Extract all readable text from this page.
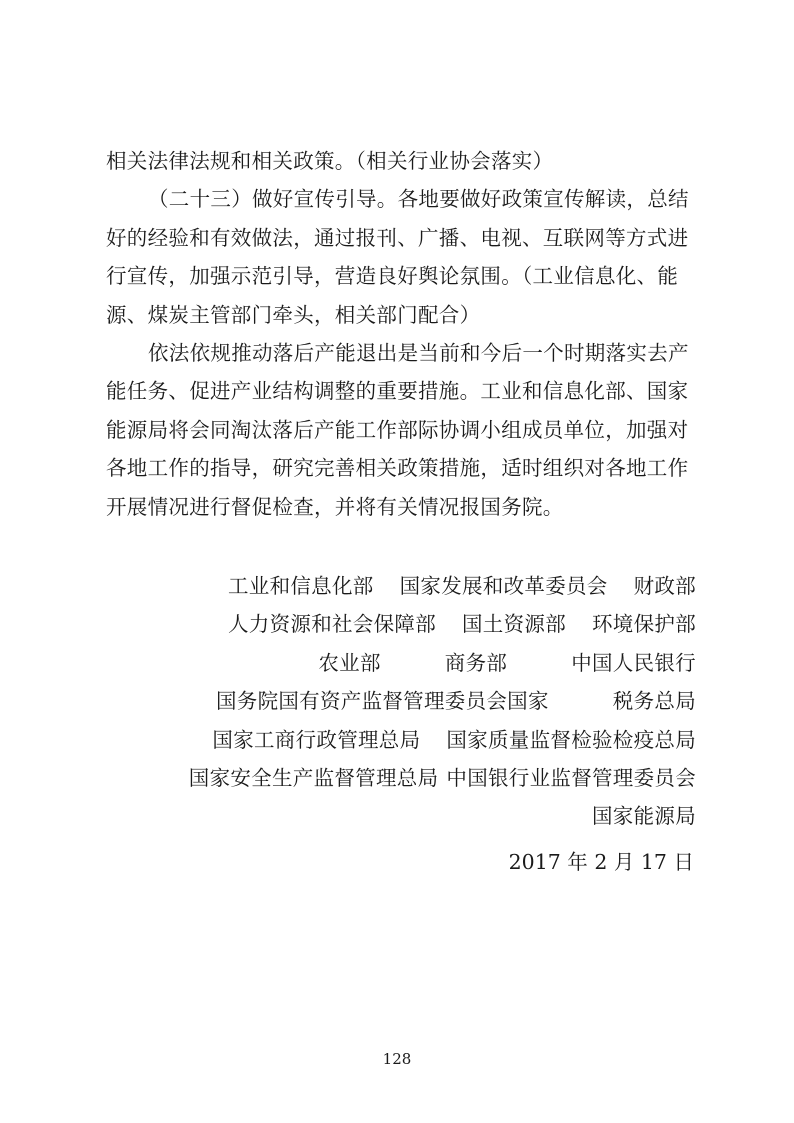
相关法律法规和相关政策。（相关行业协会落实）

（二十三）做好宣传引导。各地要做好政策宣传解读，总结
好的经验和有效做法，通过报刊、广播、电视、互联网等方式进
行宣传，加强示范引导，营造良好舆论氛围。（工业信息化、能
源、煤炭主管部门牵头，相关部门配合）

依法依规推动落后产能退出是当前和今后一个时期落实去产
能任务、促进产业结构调整的重要措施。工业和信息化部、国家
能源局将会同淘汰落后产能工作部际协调小组成员单位，加强对
各地工作的指导，研究完善相关政策措施，适时组织对各地工作
开展情况进行督促检查，并将有关情况报国务院。

工业和信息化部 国家发展和改革委员会 财政部
人力资源和社会保障部 国土资源部 环境保护部
农业部	商务部	中国人民银行
国务院国有资产监督管理委员会国家	税务总局
国家工商行政管理总局 国家质量监督检验检疫总局
国家安全生产监督管理总局 中国银行业监督管理委员会
国家能源局
2017 年 2 月 17 日
128
